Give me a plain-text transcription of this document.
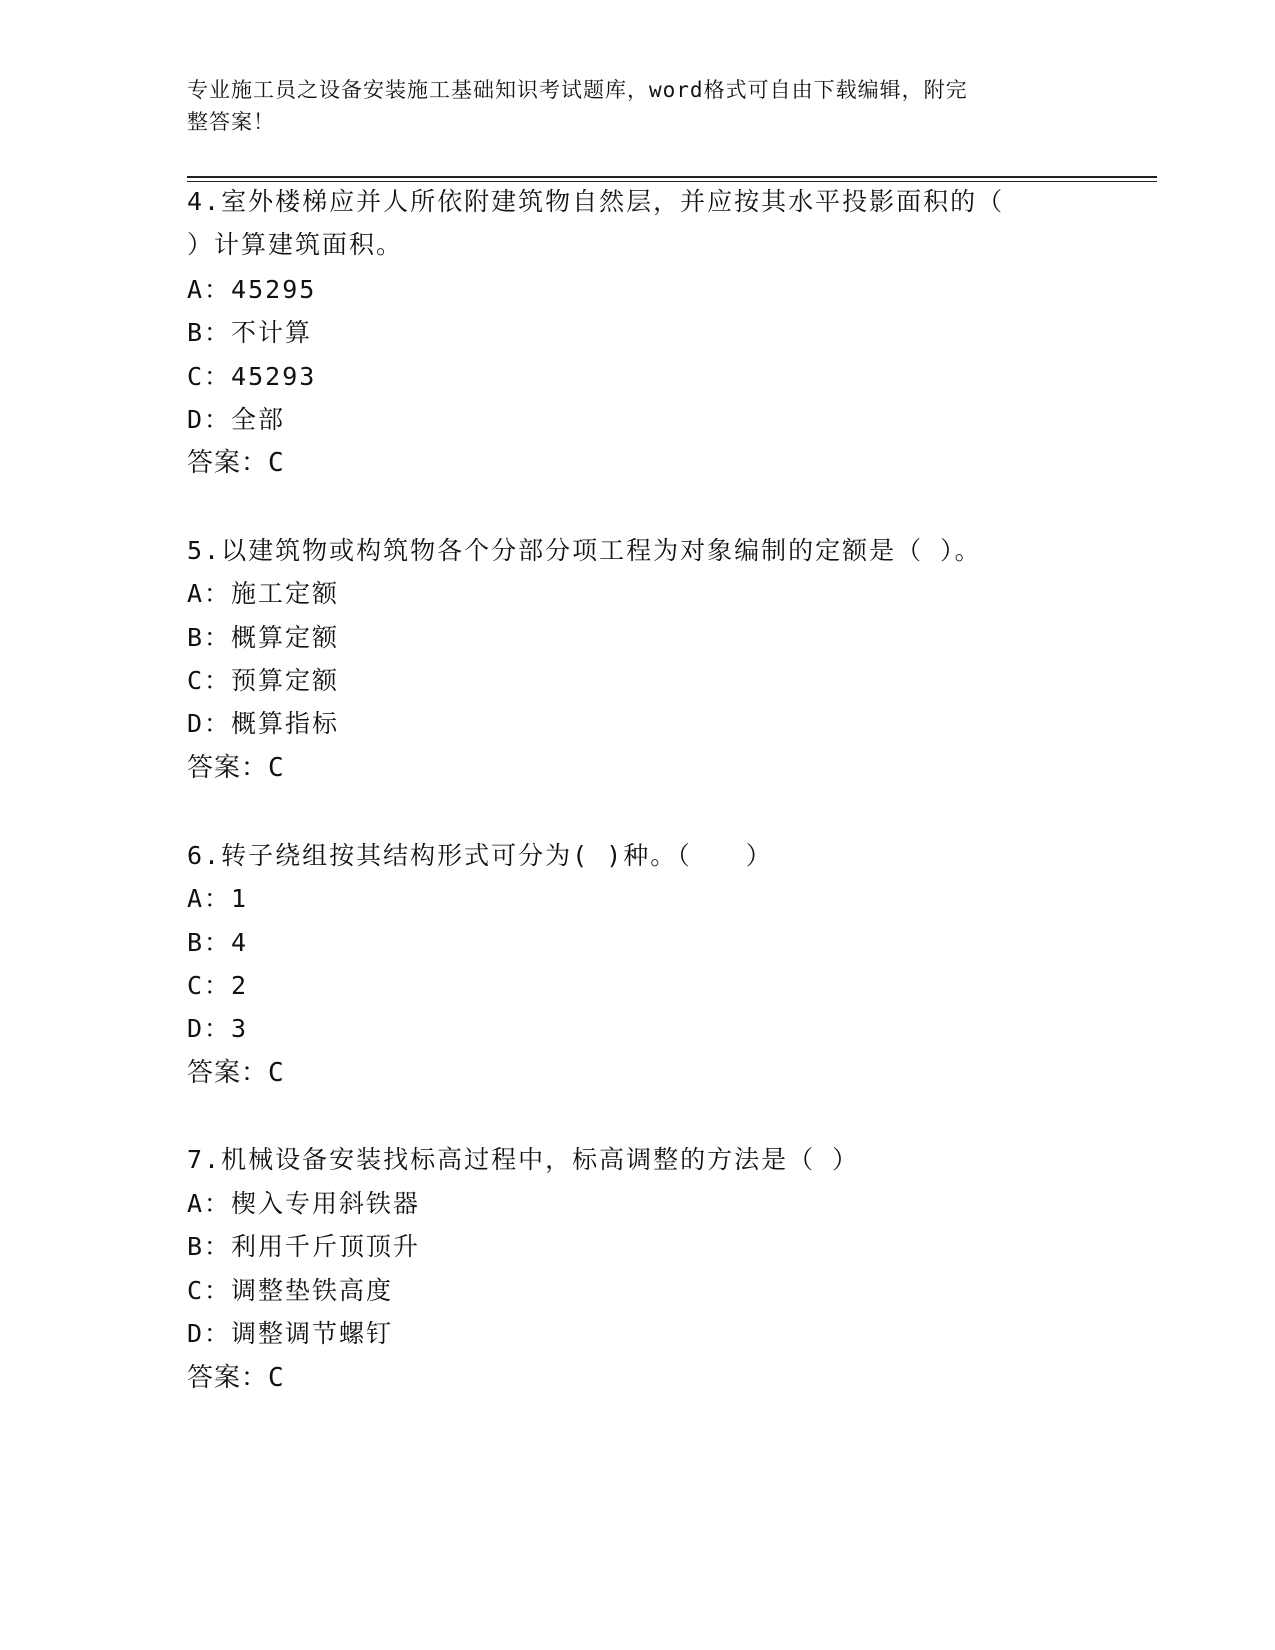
专业施工员之设备安装施工基础知识考试题库，word格式可自由下载编辑，附完
整答案！
4.室外楼梯应并人所依附建筑物自然层，并应按其水平投影面积的（
）计算建筑面积。
A：45295
B：不计算
C：45293
D：全部
答案：C
5.以建筑物或构筑物各个分部分项工程为对象编制的定额是（ ）。
A：施工定额
B：概算定额
C：预算定额
D：概算指标
答案：C
6.转子绕组按其结构形式可分为( )种。（　　）
A：1
B：4
C：2
D：3
答案：C
7.机械设备安装找标高过程中，标高调整的方法是（ ）
A：楔入专用斜铁器
B：利用千斤顶顶升
C：调整垫铁高度
D：调整调节螺钉
答案：C
